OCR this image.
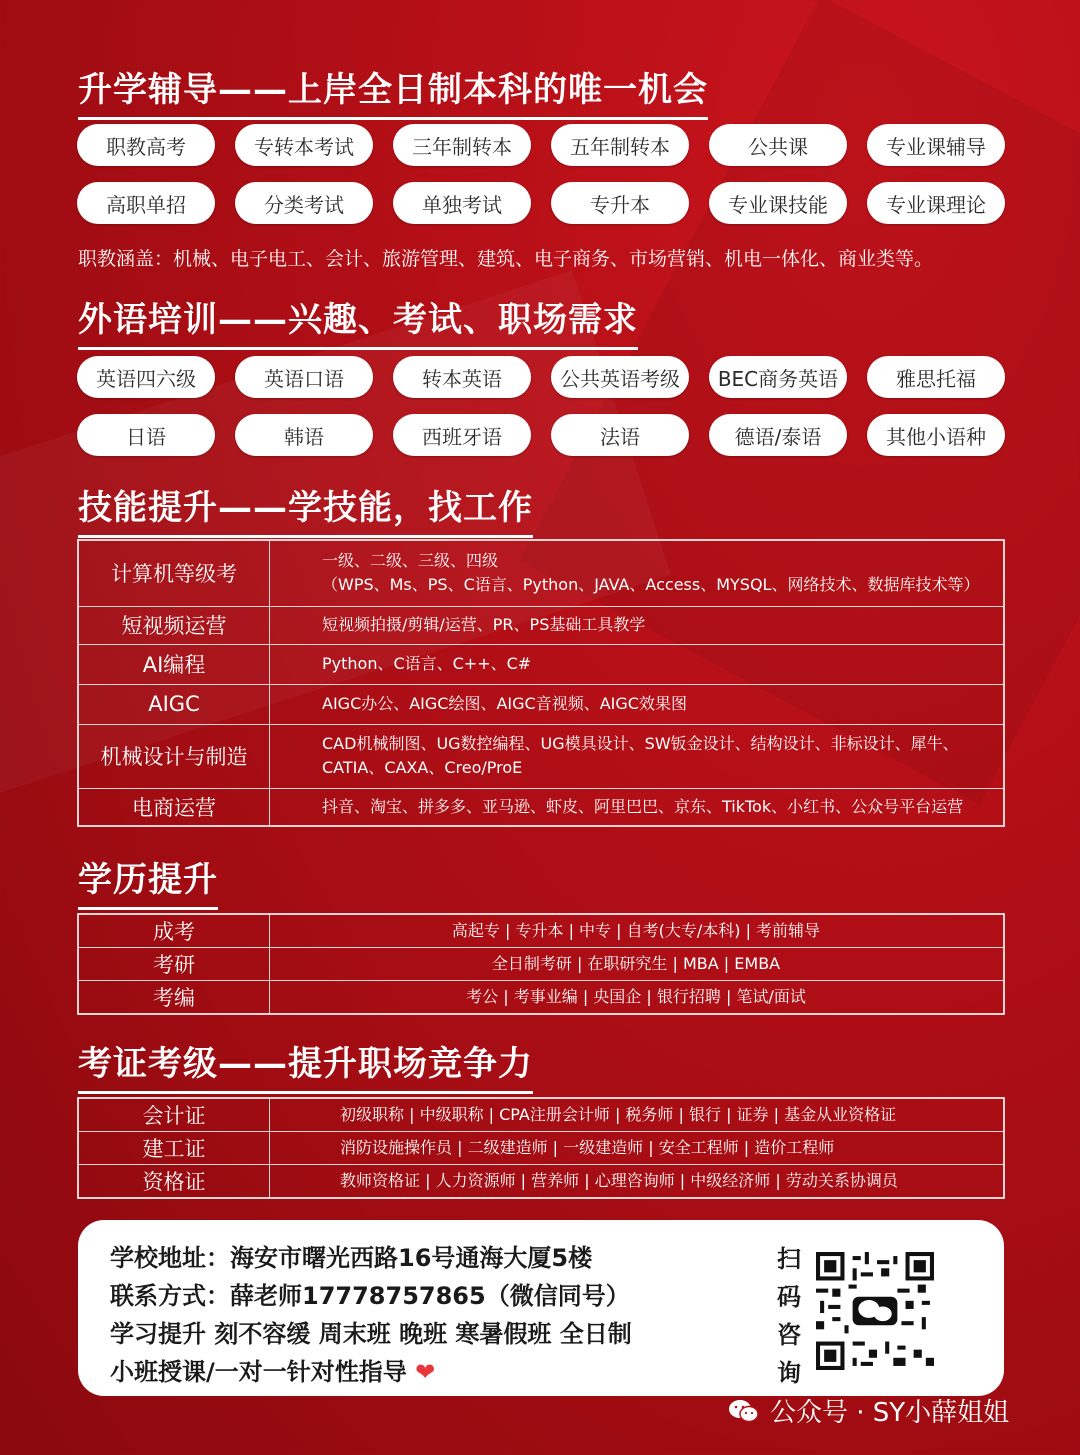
升学辅导——上岸全日制本科的唯一机会
职教高考	专转本考试	三年制转本	五年制转本	公共课	专业课辅导
高职单招	分类考试	单独考试	专升本	专业课技能	专业课理论
职教涵盖：机械、电子电工、会计、旅游管理、建筑、电子商务、市场营销、机电一体化、商业类等。
外语培训——兴趣、考试、职场需求
英语四六级	英语口语	转本英语	公共英语考级	BEC商务英语	雅思托福
日语	韩语	西班牙语	法语	德语/泰语	其他小语种
技能提升——学技能，找工作
计算机等级考	一级、二级、三级、四级
（WPS、Ms、PS、C语言、Python、JAVA、Access、MYSQL、网络技术、数据库技术等）

短视频运营	短视频拍摄/剪辑/运营、PR、PS基础工具教学

AI编程	Python、C语言、C++、C#

AIGC	AIGC办公、AIGC绘图、AIGC音视频、AIGC效果图

机械设计与制造	CAD机械制图、UG数控编程、UG模具设计、SW钣金设计、结构设计、非标设计、犀牛、
CATIA、CAXA、Creo/ProE

电商运营	抖音、淘宝、拼多多、亚马逊、虾皮、阿里巴巴、京东、TikTok、小红书、公众号平台运营
学历提升
成考	高起专 | 专升本 | 中专 | 自考(大专/本科) | 考前辅导
考研	全日制考研 | 在职研究生 | MBA | EMBA
考编	考公 | 考事业编 | 央国企 | 银行招聘 | 笔试/面试
考证考级——提升职场竞争力
会计证	初级职称 | 中级职称 | CPA注册会计师 | 税务师 | 银行 | 证券 | 基金从业资格证
建工证	消防设施操作员 | 二级建造师 | 一级建造师 | 安全工程师 | 造价工程师
资格证	教师资格证 | 人力资源师 | 营养师 | 心理咨询师 | 中级经济师 | 劳动关系协调员
学校地址：海安市曙光西路16号通海大厦5楼
联系方式：薛老师17778757865（微信同号）
学习提升 刻不容缓 周末班 晚班 寒暑假班 全日制
小班授课/一对一针对性指导 ❤
扫
码
咨
询
公众号 · SY小薛姐姐
